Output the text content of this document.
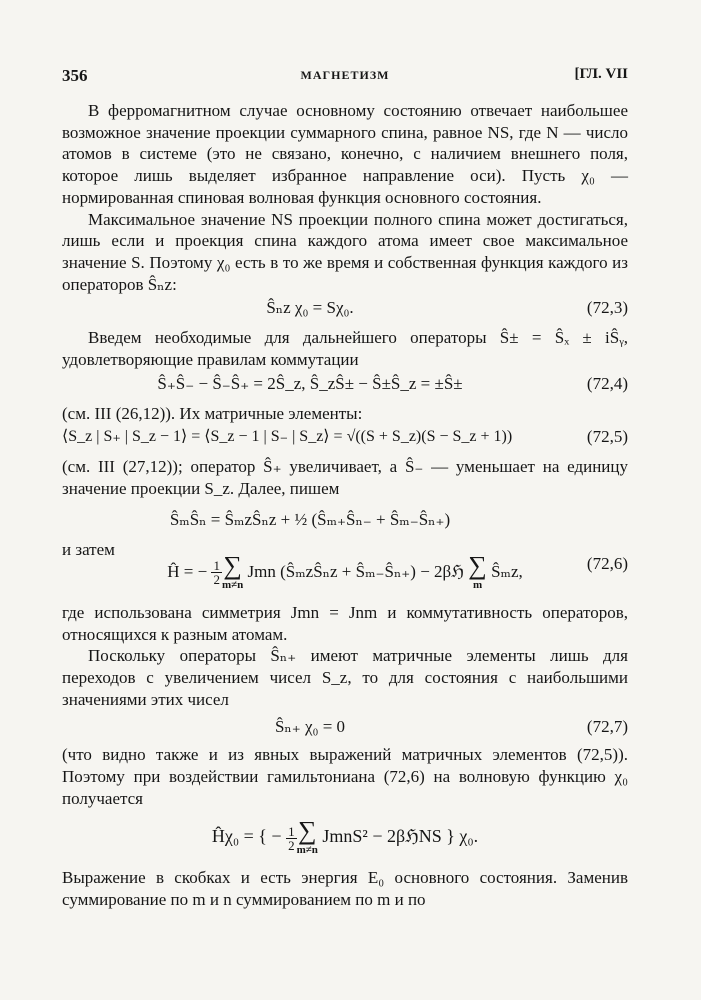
356	МАГНЕТИЗМ	[ГЛ. VII

В ферромагнитном случае основному состоянию отвечает наибольшее возможное значение проекции суммарного спина, равное NS, где N — число атомов в системе (это не связано, конечно, с наличием внешнего поля, которое лишь выделяет избранное направление оси). Пусть χ₀ — нормированная спиновая волновая функция основного состояния.

Максимальное значение NS проекции полного спина может достигаться, лишь если и проекция спина каждого атома имеет свое максимальное значение S. Поэтому χ₀ есть в то же время и собственная функция каждого из операторов Ŝₙz:

Ŝₙz χ₀ = Sχ₀.	(72,3)

Введем необходимые для дальнейшего операторы Ŝ± = Ŝₓ ± iŜᵧ, удовлетворяющие правилам коммутации

Ŝ₊Ŝ₋ − Ŝ₋Ŝ₊ = 2Ŝ_z, Ŝ_zŜ± − Ŝ±Ŝ_z = ±Ŝ±	(72,4)

(см. III (26,12)). Их матричные элементы:

⟨S_z | S₊ | S_z − 1⟩ = ⟨S_z − 1 | S₋ | S_z⟩ = √((S + S_z)(S − S_z + 1))	(72,5)

(см. III (27,12)); оператор Ŝ₊ увеличивает, а Ŝ₋ — уменьшает на единицу значение проекции S_z. Далее, пишем

ŜₘŜₙ = ŜₘzŜₙz + ½ (Ŝₘ₊Ŝₙ₋ + Ŝₘ₋Ŝₙ₊)
и затем
Ĥ = − $\frac{1}{2}$ ∑
m≠n
Jmn (ŜₘzŜₙz + Ŝₘ₋Ŝₙ₊) − 2βℌ ∑
m
Ŝₘz,	(72,6)

где использована симметрия Jmn = Jnm и коммутативность операторов, относящихся к разным атомам.

Поскольку операторы Ŝₙ₊ имеют матричные элементы лишь для переходов с увеличением чисел S_z, то для состояния с наибольшими значениями этих чисел

Ŝₙ₊ χ₀ = 0	(72,7)

(что видно также и из явных выражений матричных элементов (72,5)). Поэтому при воздействии гамильтониана (72,6) на волновую функцию χ₀ получается

Ĥχ₀ = { − $\frac{1}{2}$ ∑
m≠n
JmnS² − 2βℌNS } χ₀.

Выражение в скобках и есть энергия E₀ основного состояния. Заменив суммирование по m и n суммированием по m и по
